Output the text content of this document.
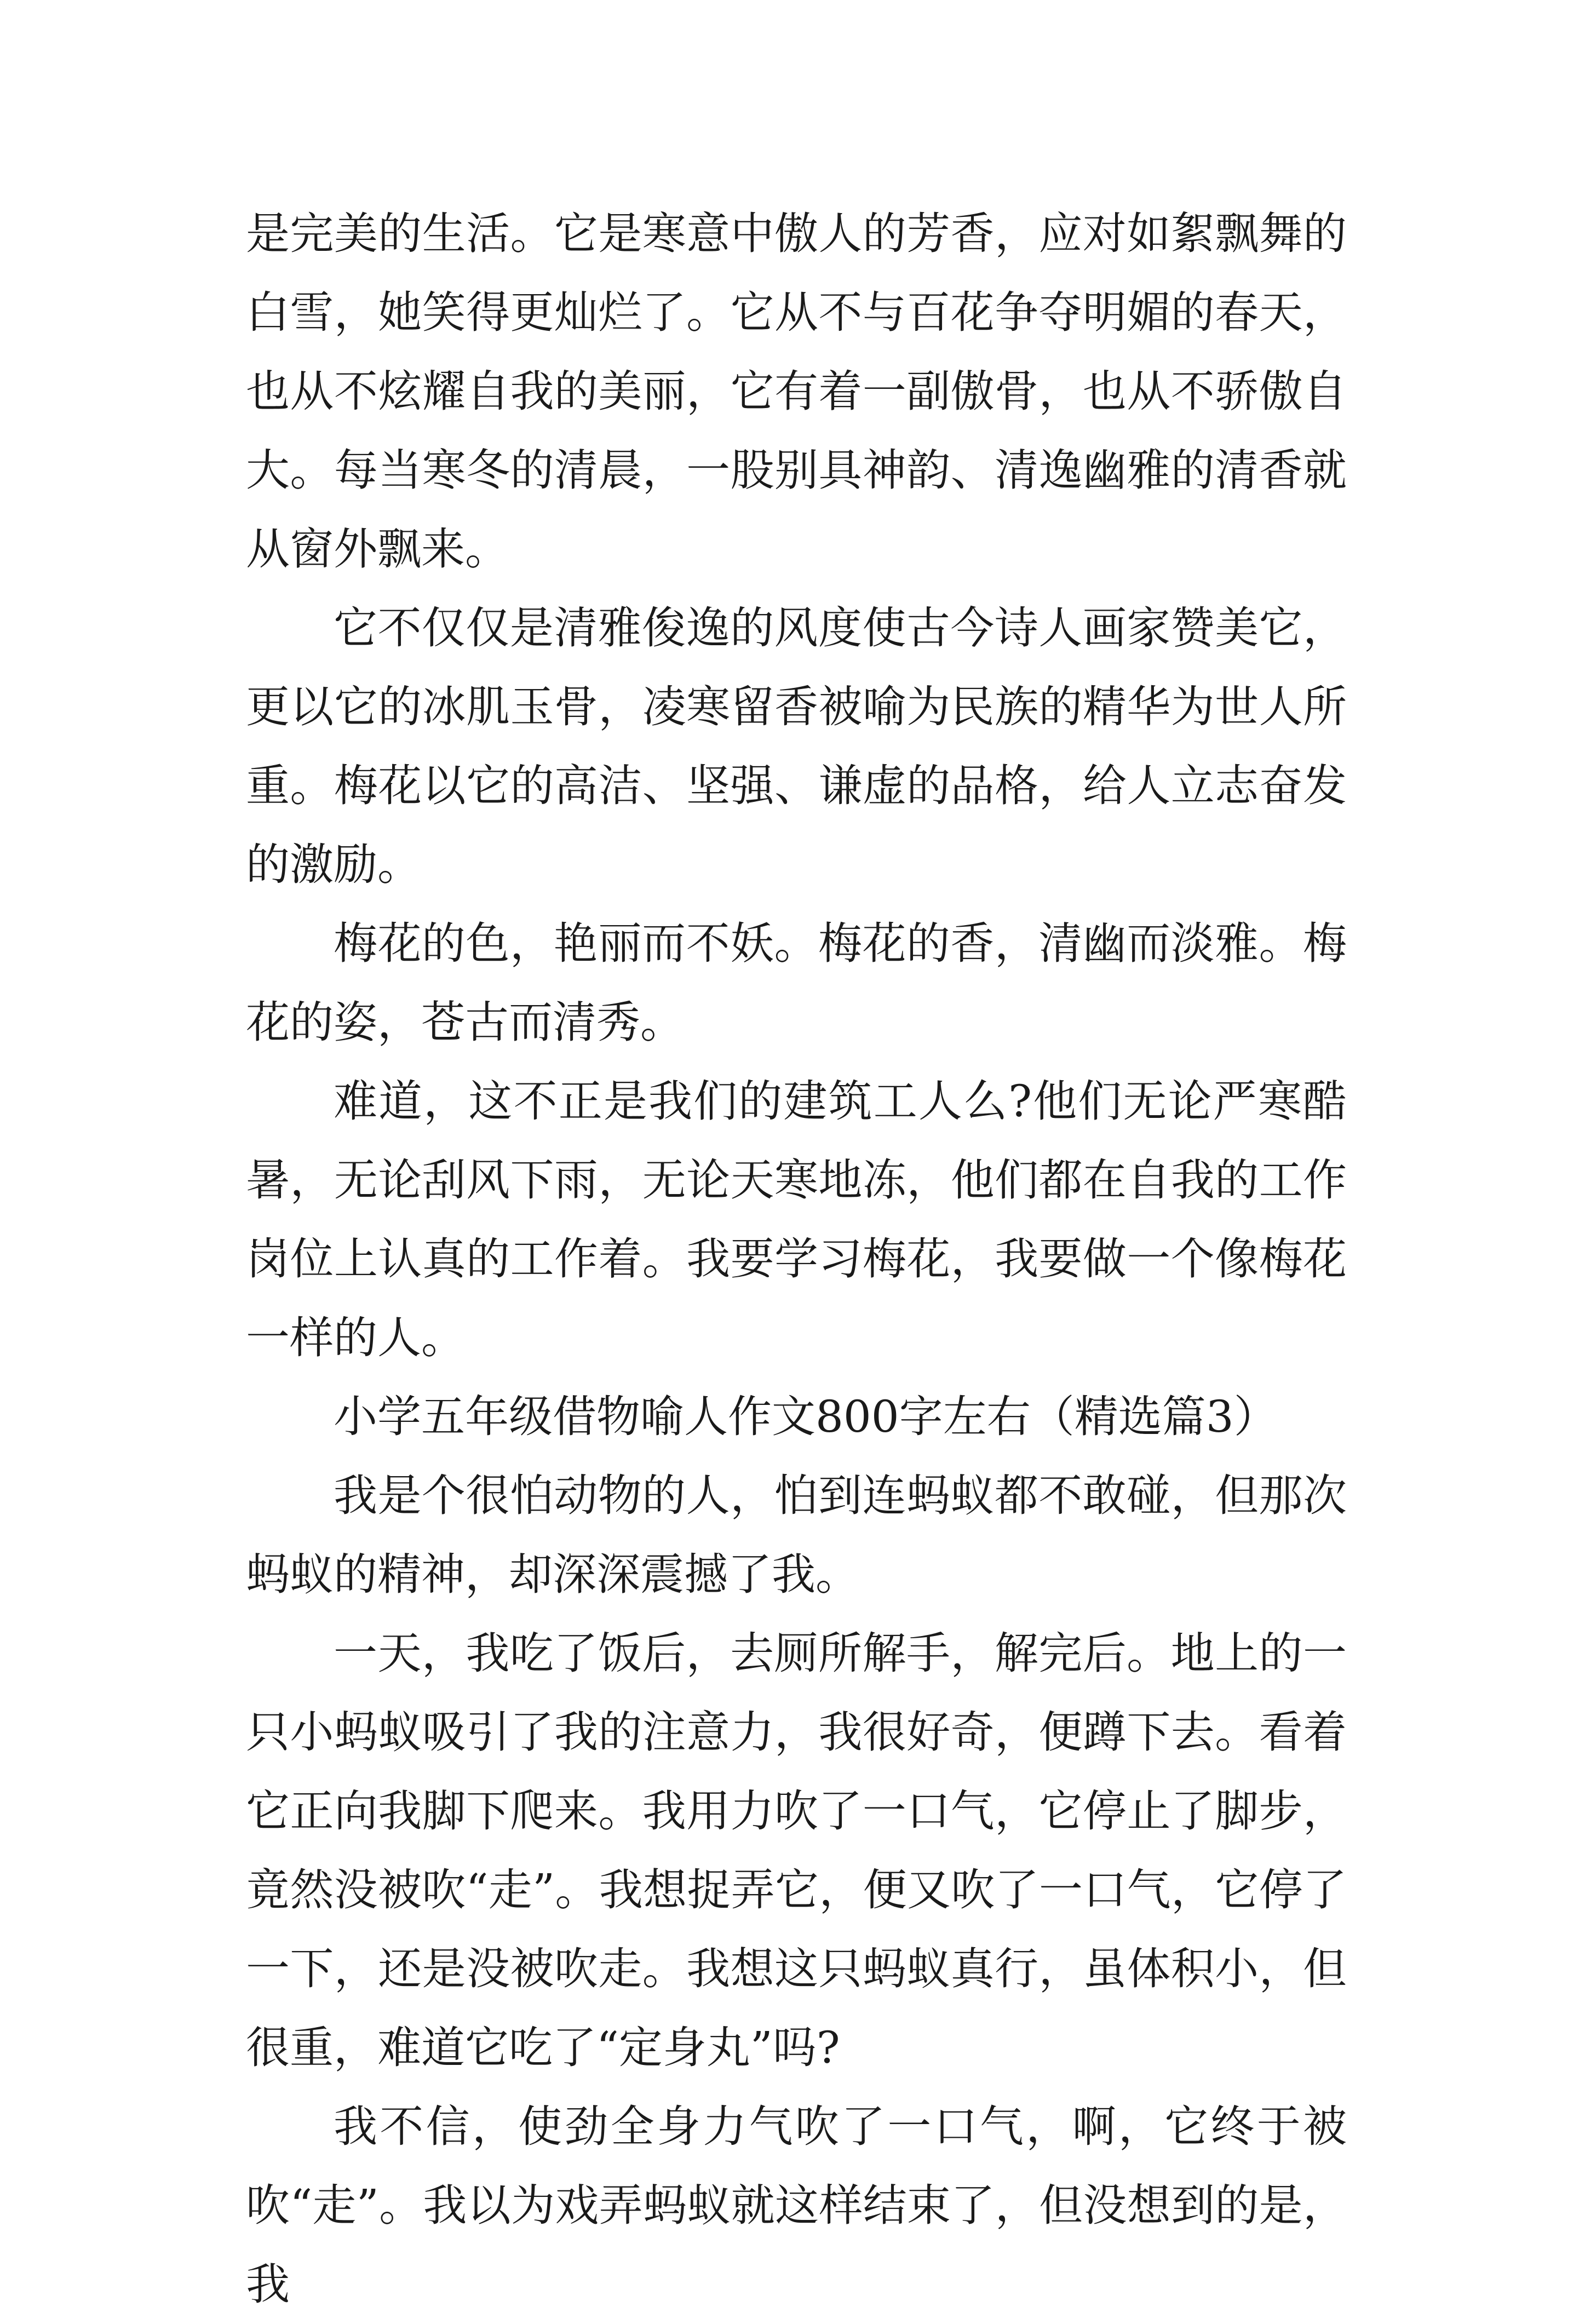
是完美的生活。它是寒意中傲人的芳香，应对如絮飘舞的白雪，她笑得更灿烂了。它从不与百花争夺明媚的春天，也从不炫耀自我的美丽，它有着一副傲骨，也从不骄傲自大。每当寒冬的清晨，一股别具神韵、清逸幽雅的清香就从窗外飘来。

它不仅仅是清雅俊逸的风度使古今诗人画家赞美它，更以它的冰肌玉骨，凌寒留香被喻为民族的精华为世人所重。梅花以它的高洁、坚强、谦虚的品格，给人立志奋发的激励。

梅花的色，艳丽而不妖。梅花的香，清幽而淡雅。梅花的姿，苍古而清秀。

难道，这不正是我们的建筑工人么?他们无论严寒酷暑，无论刮风下雨，无论天寒地冻，他们都在自我的工作岗位上认真的工作着。我要学习梅花，我要做一个像梅花一样的人。

小学五年级借物喻人作文800字左右（精选篇3）

我是个很怕动物的人，怕到连蚂蚁都不敢碰，但那次蚂蚁的精神，却深深震撼了我。

一天，我吃了饭后，去厕所解手，解完后。地上的一只小蚂蚁吸引了我的注意力，我很好奇，便蹲下去。看着它正向我脚下爬来。我用力吹了一口气，它停止了脚步，竟然没被吹“走”。我想捉弄它，便又吹了一口气，它停了一下，还是没被吹走。我想这只蚂蚁真行，虽体积小，但很重，难道它吃了“定身丸”吗?

我不信，使劲全身力气吹了一口气，啊，它终于被吹“走”。我以为戏弄蚂蚁就这样结束了，但没想到的是，我
